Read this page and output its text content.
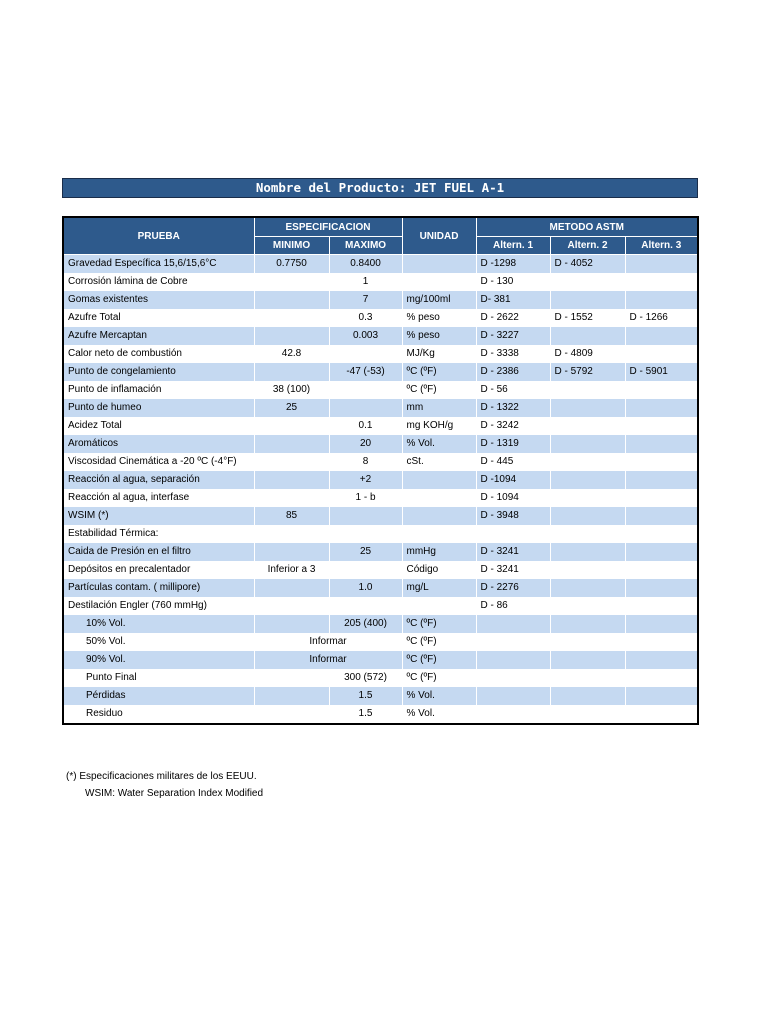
Nombre del Producto: JET FUEL A-1
PRUEBA	ESPECIFICACION		UNIDAD	METODO ASTM		
	MINIMO	MAXIMO		Altern. 1	Altern. 2	Altern. 3
Gravedad Específica 15,6/15,6°C	0.7750	0.8400		D -1298	D - 4052	
Corrosión lámina de Cobre		1		D - 130		
Gomas existentes		7	mg/100ml	D- 381		
Azufre Total		0.3	% peso	D - 2622	D - 1552	D - 1266
Azufre Mercaptan		0.003	% peso	D - 3227		
Calor neto de combustión	42.8		MJ/Kg	D - 3338	D - 4809	
Punto de congelamiento		-47 (-53)	ºC (ºF)	D - 2386	D - 5792	D - 5901
Punto de inflamación	38 (100)		ºC (ºF)	D - 56		
Punto de humeo	25		mm	D - 1322		
Acidez Total		0.1	mg KOH/g	D - 3242		
Aromáticos		20	% Vol.	D - 1319		
Viscosidad Cinemática a -20 ºC (-4°F)		8	cSt.	D - 445		
Reacción al agua, separación		+2		D -1094		
Reacción al agua, interfase		1 - b		D - 1094		
WSIM (*)	85			D - 3948		
Estabilidad Térmica:						
Caida de Presión en el filtro		25	mmHg	D - 3241		
Depósitos en precalentador	Inferior a 3		Código	D - 3241		
Partículas contam. ( millipore)		1.0	mg/L	D - 2276		
Destilación Engler (760 mmHg)				D - 86		
10% Vol.		205 (400)	ºC (ºF)			
50% Vol.	Informar		ºC (ºF)			
90% Vol.	Informar		ºC (ºF)			
Punto Final		300 (572)	ºC (ºF)			
Pérdidas		1.5	% Vol.			
Residuo		1.5	% Vol.			
(*) Especificaciones militares de los EEUU.
WSIM: Water Separation Index Modified
